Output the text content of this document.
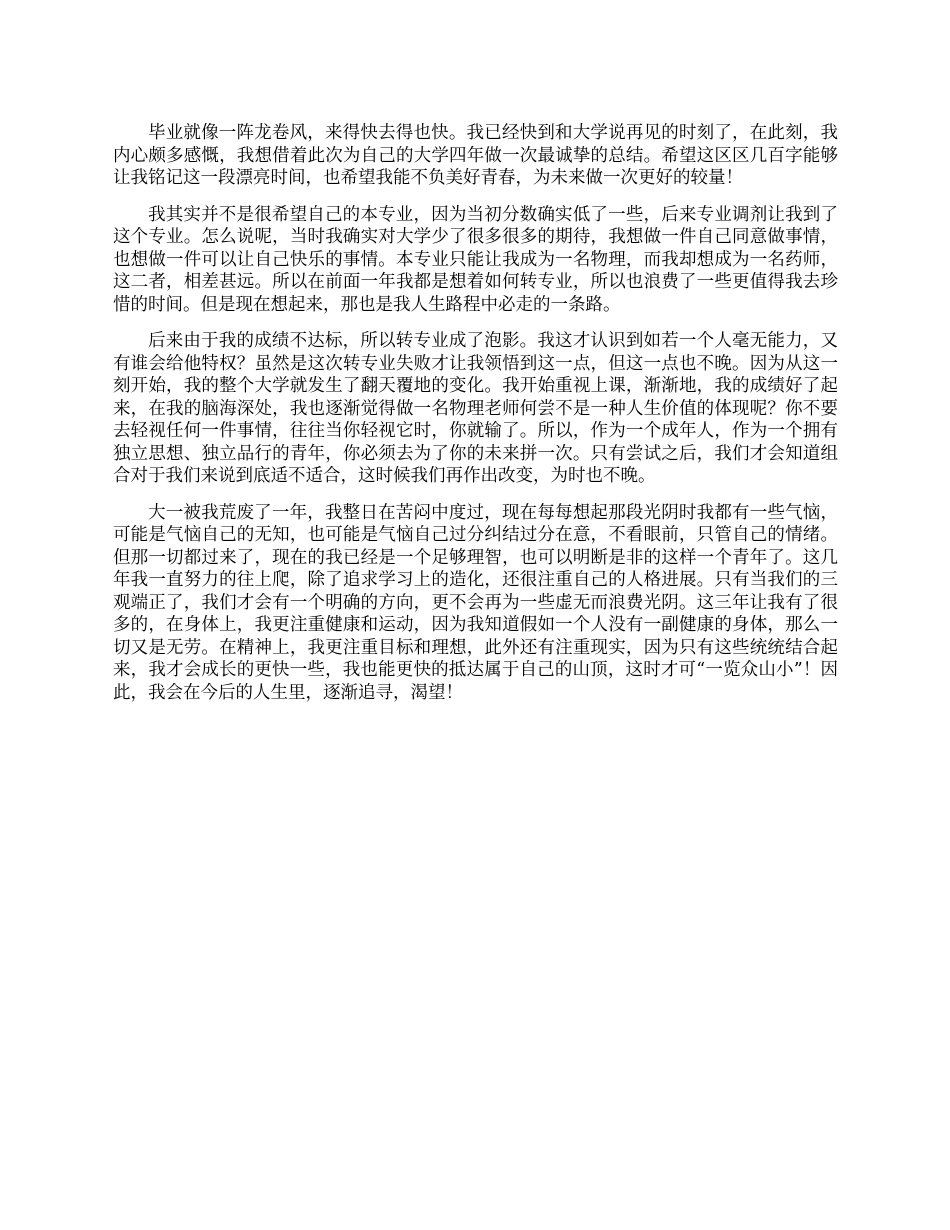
毕业就像一阵龙卷风，来得快去得也快。我已经快到和大学说再见的时刻了，在此刻，我内心颇多感慨，我想借着此次为自己的大学四年做一次最诚挚的总结。希望这区区几百字能够让我铭记这一段漂亮时间，也希望我能不负美好青春，为未来做一次更好的较量！

我其实并不是很希望自己的本专业，因为当初分数确实低了一些，后来专业调剂让我到了这个专业。怎么说呢，当时我确实对大学少了很多很多的期待，我想做一件自己同意做事情，也想做一件可以让自己快乐的事情。本专业只能让我成为一名物理，而我却想成为一名药师，这二者，相差甚远。所以在前面一年我都是想着如何转专业，所以也浪费了一些更值得我去珍惜的时间。但是现在想起来，那也是我人生路程中必走的一条路。

后来由于我的成绩不达标，所以转专业成了泡影。我这才认识到如若一个人毫无能力，又有谁会给他特权？虽然是这次转专业失败才让我领悟到这一点，但这一点也不晚。因为从这一刻开始，我的整个大学就发生了翻天覆地的变化。我开始重视上课，渐渐地，我的成绩好了起来，在我的脑海深处，我也逐渐觉得做一名物理老师何尝不是一种人生价值的体现呢？你不要去轻视任何一件事情，往往当你轻视它时，你就输了。所以，作为一个成年人，作为一个拥有独立思想、独立品行的青年，你必须去为了你的未来拼一次。只有尝试之后，我们才会知道组合对于我们来说到底适不适合，这时候我们再作出改变，为时也不晚。

大一被我荒废了一年，我整日在苦闷中度过，现在每每想起那段光阴时我都有一些气恼，可能是气恼自己的无知，也可能是气恼自己过分纠结过分在意，不看眼前，只管自己的情绪。但那一切都过来了，现在的我已经是一个足够理智，也可以明断是非的这样一个青年了。这几年我一直努力的往上爬，除了追求学习上的造化，还很注重自己的人格进展。只有当我们的三观端正了，我们才会有一个明确的方向，更不会再为一些虚无而浪费光阴。这三年让我有了很多的，在身体上，我更注重健康和运动，因为我知道假如一个人没有一副健康的身体，那么一切又是无劳。在精神上，我更注重目标和理想，此外还有注重现实，因为只有这些统统结合起来，我才会成长的更快一些，我也能更快的抵达属于自己的山顶，这时才可“一览众山小”！因此，我会在今后的人生里，逐渐追寻，渴望！
